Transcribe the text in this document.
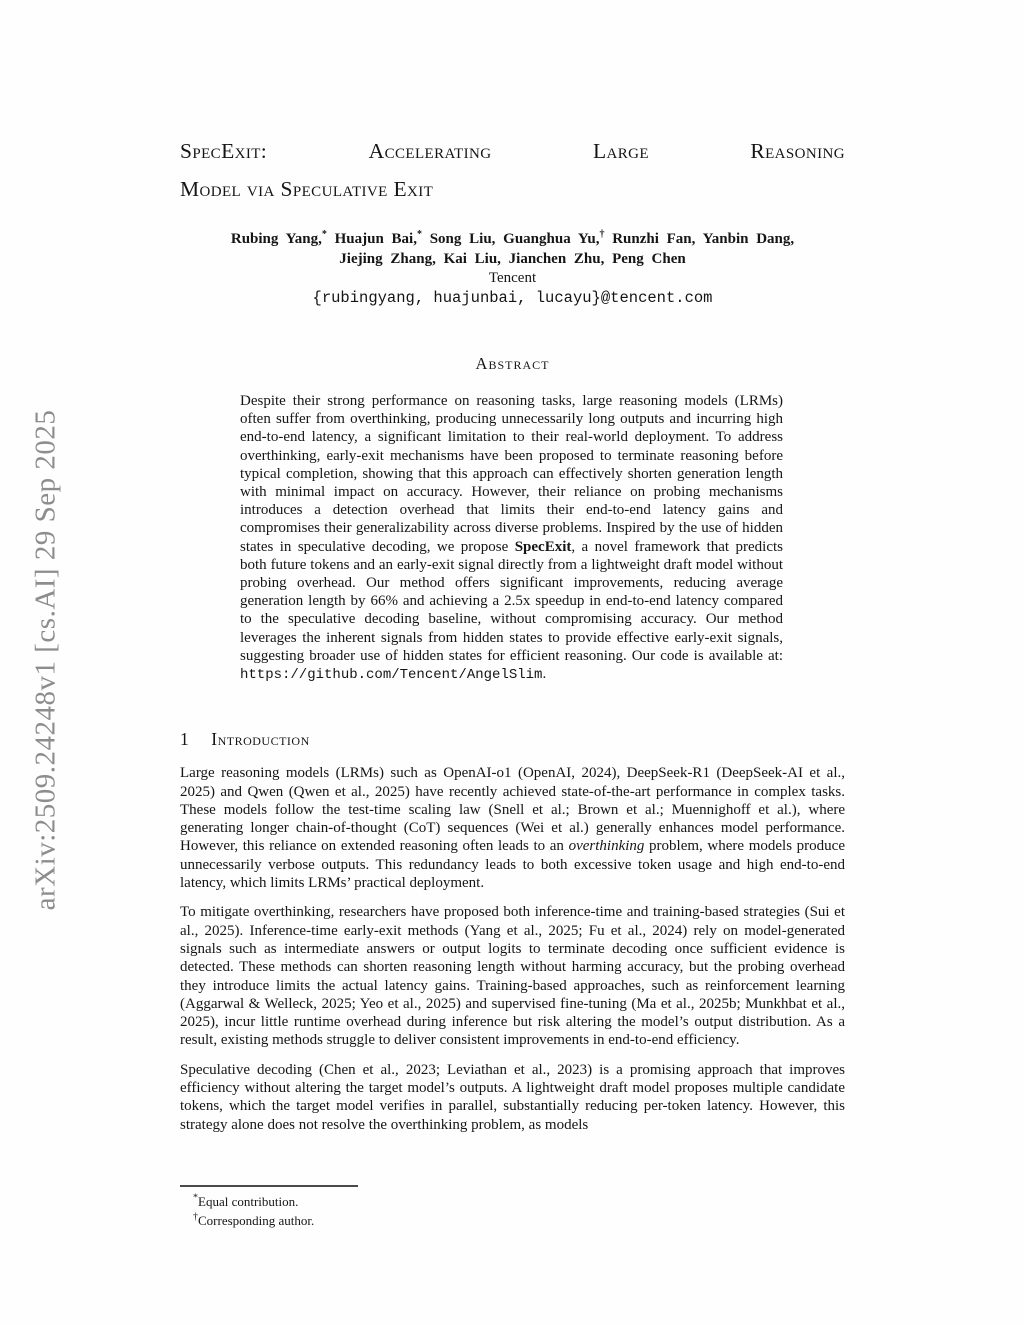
arXiv:2509.24248v1 [cs.AI] 29 Sep 2025
SpecExit:	Accelerating	Large	Reasoning
Model via Speculative Exit
Rubing Yang,* Huajun Bai,* Song Liu, Guanghua Yu,† Runzhi Fan, Yanbin Dang,
Jiejing Zhang, Kai Liu, Jianchen Zhu, Peng Chen
Tencent
{rubingyang, huajunbai, lucayu}@tencent.com
Abstract
Despite their strong performance on reasoning tasks, large reasoning models (LRMs) often suffer from overthinking, producing unnecessarily long outputs and incurring high end-to-end latency, a significant limitation to their real-world deployment. To address overthinking, early-exit mechanisms have been proposed to terminate reasoning before typical completion, showing that this approach can effectively shorten generation length with minimal impact on accuracy. However, their reliance on probing mechanisms introduces a detection overhead that limits their end-to-end latency gains and compromises their generalizability across diverse problems. Inspired by the use of hidden states in speculative decoding, we propose SpecExit, a novel framework that predicts both future tokens and an early-exit signal directly from a lightweight draft model without probing overhead. Our method offers significant improvements, reducing average generation length by 66% and achieving a 2.5x speedup in end-to-end latency compared to the speculative decoding baseline, without compromising accuracy. Our method leverages the inherent signals from hidden states to provide effective early-exit signals, suggesting broader use of hidden states for efficient reasoning. Our code is available at: https://github.com/Tencent/AngelSlim.
1 Introduction

Large reasoning models (LRMs) such as OpenAI-o1 (OpenAI, 2024), DeepSeek-R1 (DeepSeek-AI et al., 2025) and Qwen (Qwen et al., 2025) have recently achieved state-of-the-art performance in complex tasks. These models follow the test-time scaling law (Snell et al.; Brown et al.; Muennighoff et al.), where generating longer chain-of-thought (CoT) sequences (Wei et al.) generally enhances model performance. However, this reliance on extended reasoning often leads to an overthinking problem, where models produce unnecessarily verbose outputs. This redundancy leads to both excessive token usage and high end-to-end latency, which limits LRMs’ practical deployment.

To mitigate overthinking, researchers have proposed both inference-time and training-based strategies (Sui et al., 2025). Inference-time early-exit methods (Yang et al., 2025; Fu et al., 2024) rely on model-generated signals such as intermediate answers or output logits to terminate decoding once sufficient evidence is detected. These methods can shorten reasoning length without harming accuracy, but the probing overhead they introduce limits the actual latency gains. Training-based approaches, such as reinforcement learning (Aggarwal & Welleck, 2025; Yeo et al., 2025) and supervised fine-tuning (Ma et al., 2025b; Munkhbat et al., 2025), incur little runtime overhead during inference but risk altering the model’s output distribution. As a result, existing methods struggle to deliver consistent improvements in end-to-end efficiency.

Speculative decoding (Chen et al., 2023; Leviathan et al., 2023) is a promising approach that improves efficiency without altering the target model’s outputs. A lightweight draft model proposes multiple candidate tokens, which the target model verifies in parallel, substantially reducing per-token latency. However, this strategy alone does not resolve the overthinking problem, as models

*Equal contribution.
†Corresponding author.
